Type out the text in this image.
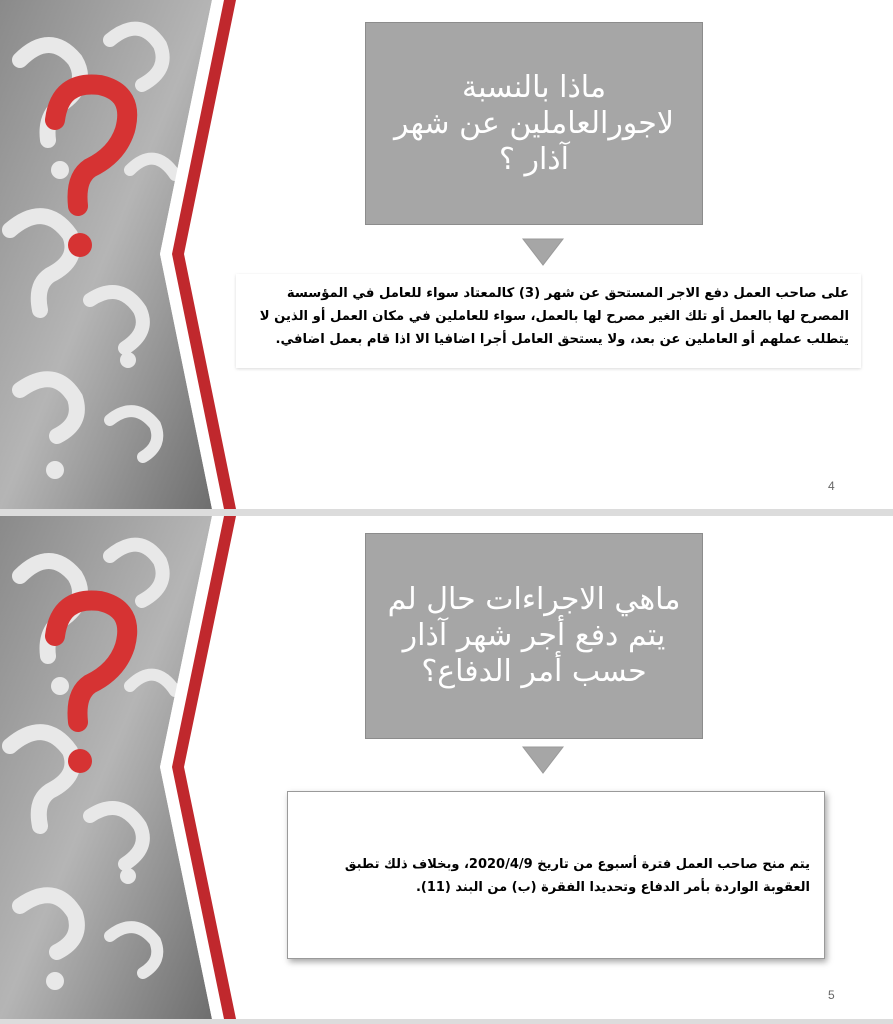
ماذا بالنسبة لاجورالعاملين عن شهر آذار ؟
على صاحب العمل دفع الاجر المستحق عن شهر (3) كالمعتاد سواء للعامل في المؤسسة المصرح لها بالعمل أو تلك الغير مصرح لها بالعمل، سواء للعاملين في مكان العمل أو الذين لا يتطلب عملهم أو العاملين عن بعد، ولا يستحق العامل أجرا اضافيا الا اذا قام بعمل اضافي.
4
ماهي الاجراءات حال لم يتم دفع أجر شهر آذار حسب أمر الدفاع؟
يتم منح صاحب العمل فترة أسبوع من تاريخ 2020/4/9، وبخلاف ذلك تطبق العقوبة الواردة بأمر الدفاع وتحديدا الفقرة (ب) من البند (11).
5
